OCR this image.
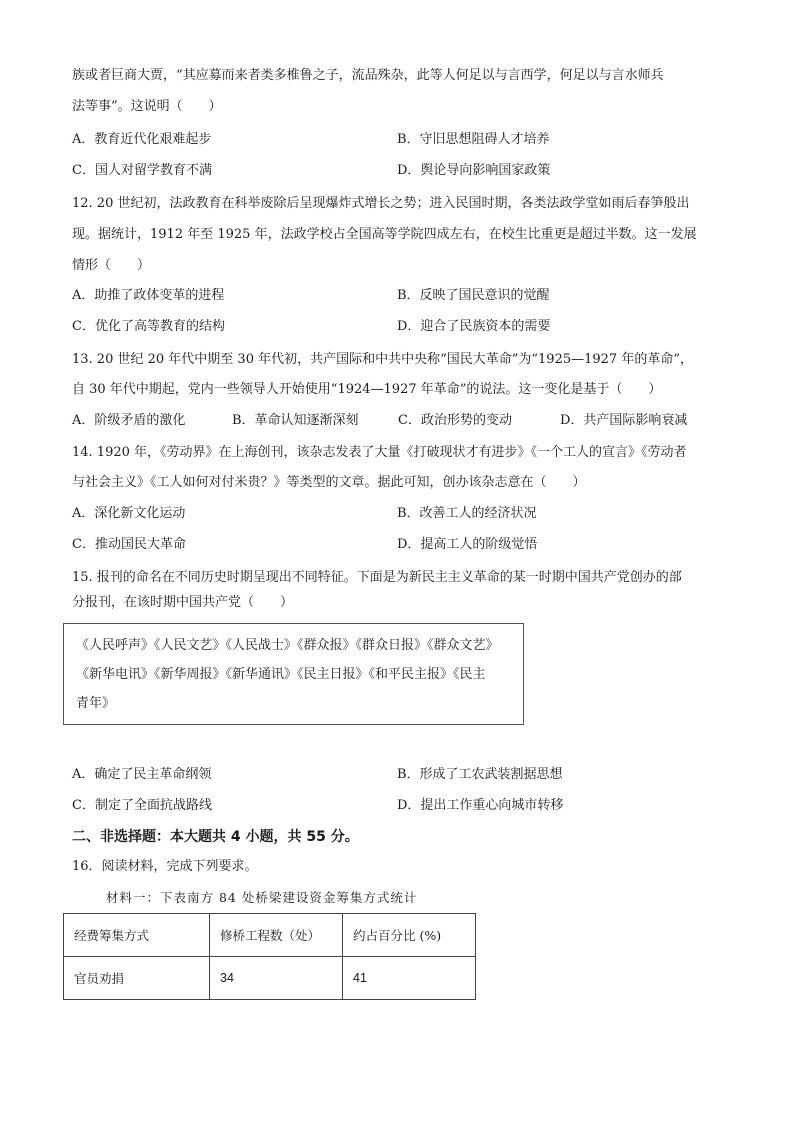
族或者巨商大贾，“其应募而来者类多椎鲁之子，流品殊杂，此等人何足以与言西学，何足以与言水师兵
法等事”。这说明（　　）
A．教育近代化艰难起步	B．守旧思想阻碍人才培养
C．国人对留学教育不满	D．舆论导向影响国家政策
12. 20 世纪初，法政教育在科举废除后呈现爆炸式增长之势；进入民国时期，各类法政学堂如雨后春笋般出
现。据统计，1912 年至 1925 年，法政学校占全国高等学院四成左右，在校生比重更是超过半数。这一发展
情形（　　）
A．助推了政体变革的进程	B．反映了国民意识的觉醒
C．优化了高等教育的结构	D．迎合了民族资本的需要
13. 20 世纪 20 年代中期至 30 年代初，共产国际和中共中央称“国民大革命”为“1925—1927 年的革命”，
自 30 年代中期起，党内一些领导人开始使用“1924—1927 年革命”的说法。这一变化是基于（　　）
A．阶级矛盾的激化	B．革命认知逐渐深刻	C．政治形势的变动	D．共产国际影响衰减
14. 1920 年，《劳动界》在上海创刊，该杂志发表了大量《打破现状才有进步》《一个工人的宣言》《劳动者
与社会主义》《工人如何对付米贵？》等类型的文章。据此可知，创办该杂志意在（　　）
A．深化新文化运动	B．改善工人的经济状况
C．推动国民大革命	D．提高工人的阶级觉悟
15. 报刊的命名在不同历史时期呈现出不同特征。下面是为新民主主义革命的某一时期中国共产党创办的部
分报刊，在该时期中国共产党（　　）
《人民呼声》《人民文艺》《人民战士》《群众报》《群众日报》《群众文艺》
《新华电讯》《新华周报》《新华通讯》《民主日报》《和平民主报》《民主
青年》
A．确定了民主革命纲领	B．形成了工农武装割据思想
C．制定了全面抗战路线	D．提出工作重心向城市转移
二、非选择题：本大题共 4 小题，共 55 分。
16．阅读材料，完成下列要求。
材料一：下表南方 84 处桥梁建设资金筹集方式统计
经费筹集方式	修桥工程数（处）	约占百分比 (%)
官员劝捐	34	41
